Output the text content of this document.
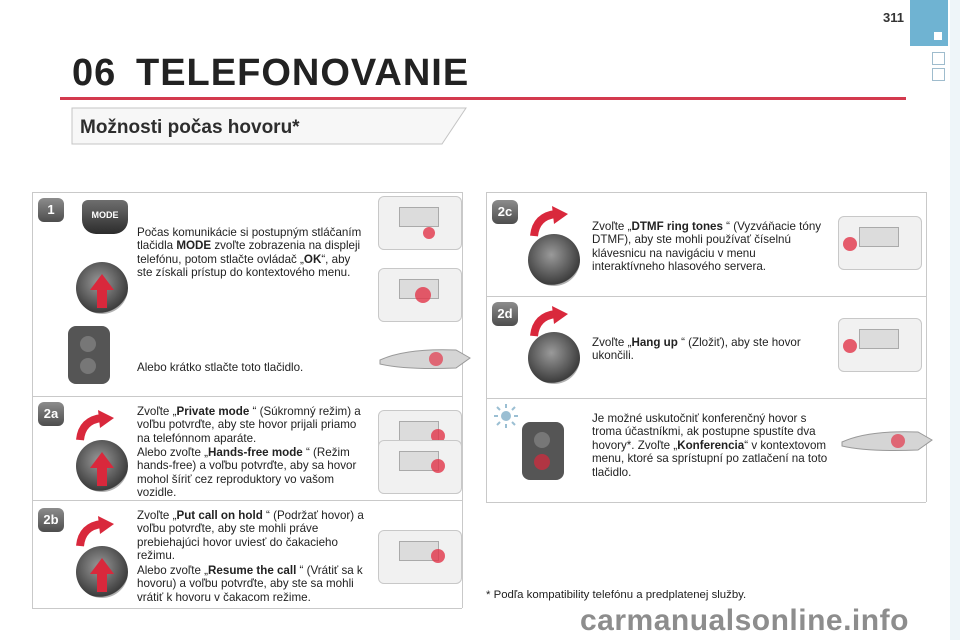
311
06 TELEFONOVANIE
Možnosti počas hovoru*
1	MODE
Počas komunikácie si postupným stláčaním tlačidla MODE zvoľte zobrazenia na displeji telefónu, potom stlačte ovládač „OK“, aby ste získali prístup do kontextového menu.
Alebo krátko stlačte toto tlačidlo.
2a	Zvoľte „Private mode “ (Súkromný režim) a voľbu potvrďte, aby ste hovor prijali priamo na telefónnom aparáte.
Alebo zvoľte „Hands-free mode “ (Režim hands-free) a voľbu potvrďte, aby sa hovor mohol šíriť cez reproduktory vo vašom vozidle.
2b	Zvoľte „Put call on hold “ (Podržať hovor) a voľbu potvrďte, aby ste mohli práve prebiehajúci hovor uviesť do čakacieho režimu.
Alebo zvoľte „Resume the call “ (Vrátiť sa k hovoru) a voľbu potvrďte, aby ste sa mohli vrátiť k hovoru v čakacom režime.
2c
Zvoľte „DTMF ring tones “ (Vyzváňacie tóny DTMF), aby ste mohli používať číselnú klávesnicu na navigáciu v menu interaktívneho hlasového servera.
2d
Zvoľte „Hang up “ (Zložiť), aby ste hovor ukončili.
Je možné uskutočniť konferenčný hovor s troma účastníkmi, ak postupne spustíte dva hovory*. Zvoľte „Konferencia“ v kontextovom menu, ktoré sa sprístupní po zatlačení na toto tlačidlo.
* Podľa kompatibility telefónu a predplatenej služby.
carmanualsonline.info
